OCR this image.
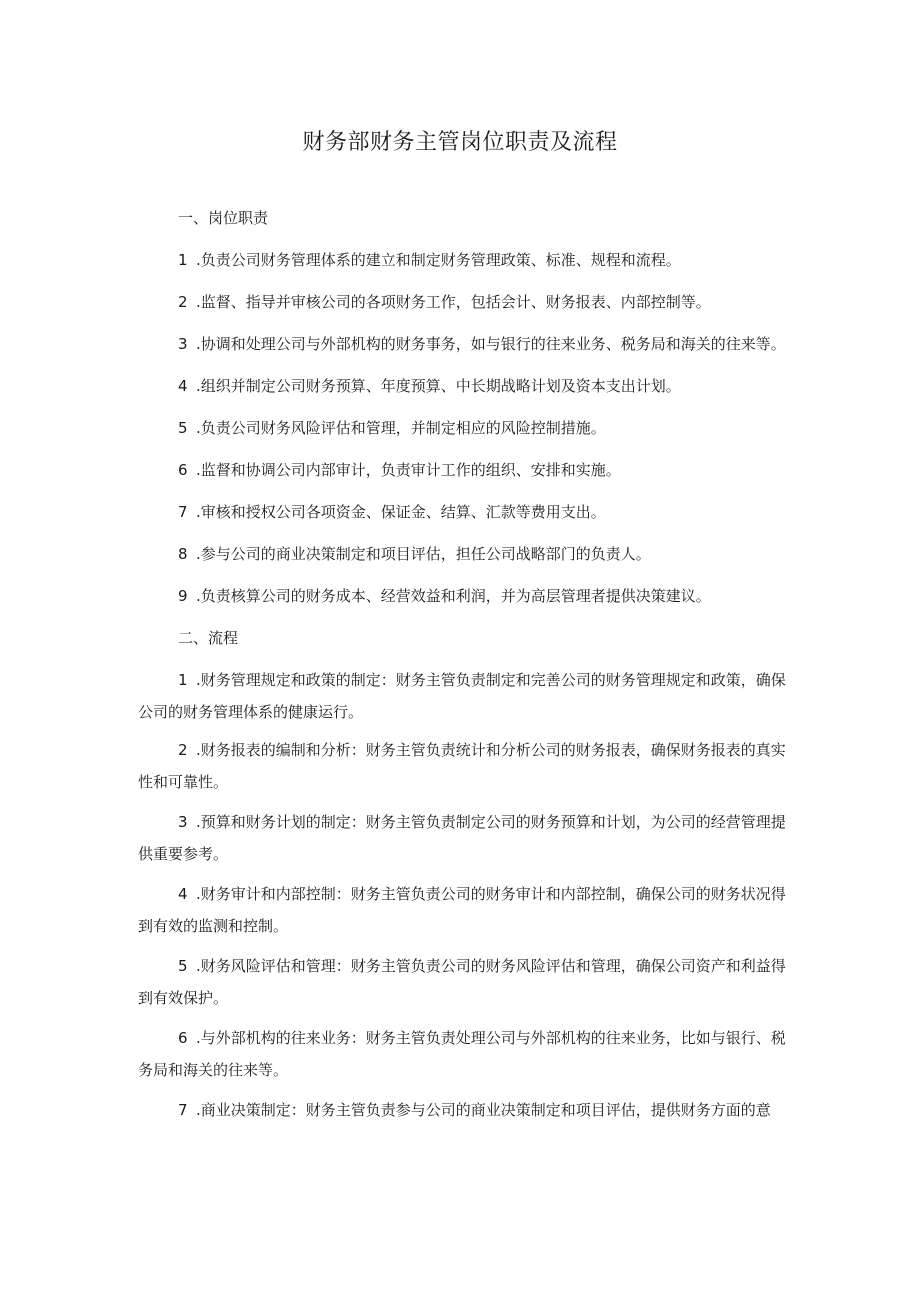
财务部财务主管岗位职责及流程
一、岗位职责
1 .负责公司财务管理体系的建立和制定财务管理政策、标准、规程和流程。
2 .监督、指导并审核公司的各项财务工作，包括会计、财务报表、内部控制等。
3 .协调和处理公司与外部机构的财务事务，如与银行的往来业务、税务局和海关的往来等。
4 .组织并制定公司财务预算、年度预算、中长期战略计划及资本支出计划。
5 .负责公司财务风险评估和管理，并制定相应的风险控制措施。
6 .监督和协调公司内部审计，负责审计工作的组织、安排和实施。
7 .审核和授权公司各项资金、保证金、结算、汇款等费用支出。
8 .参与公司的商业决策制定和项目评估，担任公司战略部门的负责人。
9 .负责核算公司的财务成本、经营效益和利润，并为高层管理者提供决策建议。
二、流程
1 .财务管理规定和政策的制定：财务主管负责制定和完善公司的财务管理规定和政策，确保公司的财务管理体系的健康运行。
2 .财务报表的编制和分析：财务主管负责统计和分析公司的财务报表，确保财务报表的真实性和可靠性。
3 .预算和财务计划的制定：财务主管负责制定公司的财务预算和计划，为公司的经营管理提供重要参考。
4 .财务审计和内部控制：财务主管负责公司的财务审计和内部控制，确保公司的财务状况得到有效的监测和控制。
5 .财务风险评估和管理：财务主管负责公司的财务风险评估和管理，确保公司资产和利益得到有效保护。
6 .与外部机构的往来业务：财务主管负责处理公司与外部机构的往来业务，比如与银行、税务局和海关的往来等。
7 .商业决策制定：财务主管负责参与公司的商业决策制定和项目评估，提供财务方面的意
